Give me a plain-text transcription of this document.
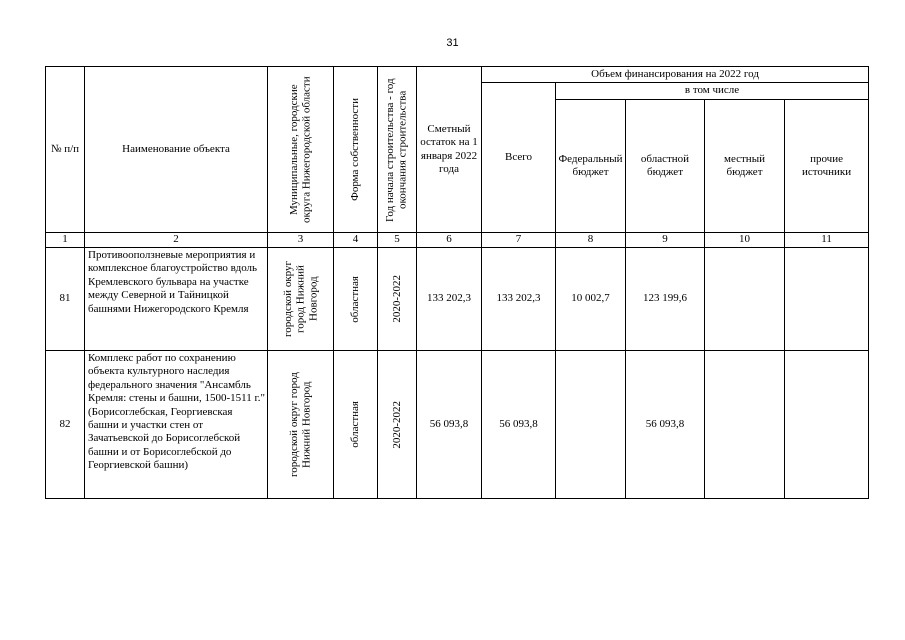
31
№ п/п	Наименование объекта	Муниципальные, городские округа Нижегородской области	Форма собственности	Год начала строительства - год окончания строительства	Сметный остаток на 1 января 2022 года	Объем финансирования на 2022 год				
						Всего	в том числе			
							Федеральный бюджет	областной бюджет	местный бюджет	прочие источники
1	2	3	4	5	6	7	8	9	10	11
81	Противооползневые мероприятия и комплексное благоустройство вдоль Кремлевского бульвара на участке между Северной и Тайницкой башнями Нижегородского Кремля	городской округ город Нижний Новгород	областная	2020-2022	133 202,3	133 202,3	10 002,7	123 199,6		
82	Комплекс работ по сохранению объекта культурного наследия федерального значения "Ансамбль Кремля: стены и башни, 1500-1511 г." (Борисоглебская, Георгиевская башни и участки стен от Зачатьевской до Борисоглебской башни и от Борисоглебской до Георгиевской башни)	городской округ город Нижний Новгород	областная	2020-2022	56 093,8	56 093,8		56 093,8		
